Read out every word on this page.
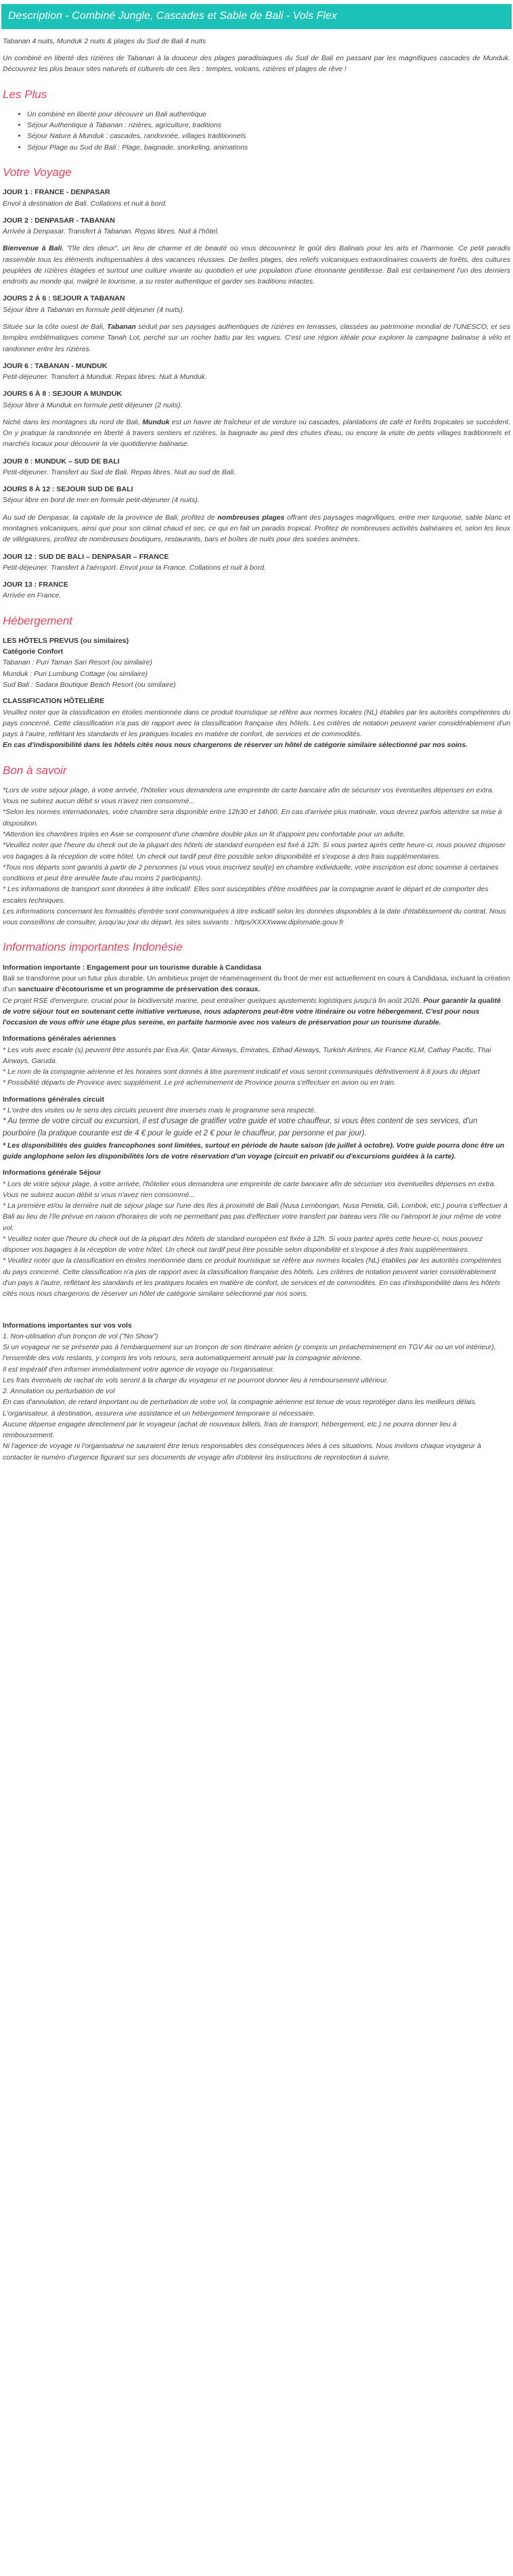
Description - Combiné Jungle, Cascades et Sable de Bali - Vols Flex

Tabanan 4 nuits, Munduk 2 nuits & plages du Sud de Bali 4 nuits

Un combiné en liberté des rizières de Tabanan à la douceur des plages paradisiaques du Sud de Bali en passant par les magnifiques cascades de Munduk. Découvrez les plus beaux sites naturels et culturels de ces îles : temples, volcans, rizières et plages de rêve !

Les Plus
• Un combiné en liberté pour découvrir un Bali authentique
• Séjour Authentique à Tabanan : rizières, agriculture, traditions
• Séjour Nature à Munduk : cascades, randonnée, villages traditionnels
• Séjour Plage au Sud de Bali : Plage, baignade, snorkeling, animations
Votre Voyage
JOUR 1 : FRANCE - DENPASAR
Envol à destination de Bali. Collations et nuit à bord.
JOUR 2 : DENPASAR - TABANAN
Arrivée à Denpasar. Transfert à Tabanan. Repas libres. Nuit à l'hôtel.

Bienvenue à Bali, "l'île des dieux", un lieu de charme et de beauté où vous découvrirez le goût des Balinais pour les arts et l'harmonie. Ce petit paradis rassemble tous les éléments indispensables à des vacances réussies. De belles plages, des reliefs volcaniques extraordinaires couverts de forêts, des cultures peuplées de rizières étagées et surtout une culture vivante au quotidien et une population d'une étonnante gentillesse. Bali est certainement l'un des derniers endroits au monde qui, malgré le tourisme, a su rester authentique et garder ses traditions intactes.

JOURS 2 À 6 : SEJOUR A TABANAN
Séjour libre à Tabanan en formule petit-déjeuner (4 nuits).

Située sur la côte ouest de Bali, Tabanan séduit par ses paysages authentiques de rizières en terrasses, classées au patrimoine mondial de l'UNESCO, et ses temples emblématiques comme Tanah Lot, perché sur un rocher battu par les vagues. C'est une région idéale pour explorer la campagne balinaise à vélo et randonner entre les rizières.

JOUR 6 : TABANAN - MUNDUK
Petit-déjeuner. Transfert à Munduk. Repas libres. Nuit à Munduk.
JOURS 6 À 8 : SEJOUR A MUNDUK
Séjour libre à Munduk en formule petit-déjeuner (2 nuits).

Niché dans les montagnes du nord de Bali, Munduk est un havre de fraîcheur et de verdure où cascades, plantations de café et forêts tropicales se succèdent. On y pratique la randonnée en liberté à travers sentiers et rizières, la baignade au pied des chutes d'eau, ou encore la visite de petits villages traditionnels et marchés locaux pour découvrir la vie quotidienne balinaise.

JOUR 8 : MUNDUK – SUD DE BALI
Petit-déjeuner. Transfert au Sud de Bali. Repas libres. Nuit au sud de Bali.
JOURS 8 À 12 : SEJOUR SUD DE BALI
Séjour libre en bord de mer en formule petit-déjeuner (4 nuits).

Au sud de Denpasar, la capitale de la province de Bali, profitez de nombreuses plages offrant des paysages magnifiques, entre mer turquoise, sable blanc et montagnes volcaniques, ainsi que pour son climat chaud et sec, ce qui en fait un paradis tropical. Profitez de nombreuses activités balnéaires et, selon les lieux de villégiatures, profitez de nombreuses boutiques, restaurants, bars et boîtes de nuits pour des soirées animées.

JOUR 12 : SUD DE BALI – DENPASAR – FRANCE
Petit-déjeuner. Transfert à l'aéroport. Envol pour la France. Collations et nuit à bord.
JOUR 13 : FRANCE
Arrivée en France.
Hébergement
LES HÔTELS PREVUS (ou similaires)
Catégorie Confort
Tabanan : Puri Taman Sari Resort (ou similaire)
Munduk : Puri Lumbung Cottage (ou similaire)
Sud Bali : Sadara Boutique Beach Resort (ou similaire)
CLASSIFICATION HÔTELIÈRE
Veuillez noter que la classification en étoiles mentionnée dans ce produit touristique se réfère aux normes locales (NL) établies par les autorités compétentes du pays concerné. Cette classification n'a pas de rapport avec la classification française des hôtels. Les critères de notation peuvent varier considérablement d'un pays à l'autre, reflétant les standards et les pratiques locales en matière de confort, de services et de commodités.
En cas d'indisponibilité dans les hôtels cités nous nous chargerons de réserver un hôtel de catégorie similaire sélectionné par nos soins.
Bon à savoir
*Lors de votre séjour plage, à votre arrivée, l'hôtelier vous demandera une empreinte de carte bancaire afin de sécuriser vos éventuelles dépenses en extra. Vous ne subirez aucun débit si vous n'avez rien consommé...
*Selon les normes internationales, votre chambre sera disponible entre 12h30 et 14h00. En cas d'arrivée plus matinale, vous devrez parfois attendre sa mise à disposition.
*Attention les chambres triples en Asie se composent d'une chambre double plus un lit d'appoint peu confortable pour un adulte.
*Veuillez noter que l'heure du check out de la plupart des hôtels de standard européen est fixé à 12h. Si vous partez après cette heure-ci, nous pouvez disposer vos bagages à la réception de votre hôtel. Un check out tardif peut être possible selon disponibilité et s'expose à des frais supplémentaires.
*Tous nos départs sont garantis à partir de 2 personnes (si vous vous inscrivez seul(e) en chambre individuelle, votre inscription est donc soumise à certaines conditions et peut être annulée faute d'au moins 2 participants).
* Les informations de transport sont données à titre indicatif. Elles sont susceptibles d'être modifiées par la compagnie avant le départ et de comporter des escales techniques.
Les informations concernant les formalités d'entrée sont communiquées à titre indicatif selon les données disponibles à la date d'établissement du contrat. Nous vous conseillons de consulter, jusqu'au jour du départ, les sites suivants : https/XXXXwww.diplomatie.gouv.fr
Informations importantes Indonésie
Information importante : Engagement pour un tourisme durable à Candidasa
Bali se transforme pour un futur plus durable. Un ambitieux projet de réaménagement du front de mer est actuellement en cours à Candidasa, incluant la création d'un sanctuaire d'écotourisme et un programme de préservation des coraux.
Ce projet RSE d'envergure, crucial pour la biodiversité marine, peut entraîner quelques ajustements logistiques jusqu'à fin août 2026. Pour garantir la qualité de votre séjour tout en soutenant cette initiative vertueuse, nous adapterons peut-être votre itinéraire ou votre hébergement. C'est pour nous l'occasion de vous offrir une étape plus sereine, en parfaite harmonie avec nos valeurs de préservation pour un tourisme durable.
Informations générales aériennes
* Les vols avec escale (s) peuvent être assurés par Eva Air, Qatar Airways, Emirates, Etihad Airways, Turkish Airlines, Air France KLM, Cathay Pacific, Thai Airways, Garuda.
* Le nom de la compagnie aérienne et les horaires sont donnés à titre purement indicatif et vous seront communiqués définitivement à 8 jours du départ
* Possibilité départs de Province avec supplément. Le pré acheminement de Province pourra s'effectuer en avion ou en train.
Informations générales circuit
* L'ordre des visites ou le sens des circuits peuvent être inversés mais le programme sera respecté.
* Au terme de votre circuit ou excursion, il est d'usage de gratifier votre guide et votre chauffeur, si vous êtes content de ses services, d'un pourboire (la pratique courante est de 4 € pour le guide et 2 € pour le chauffeur, par personne et par jour).
* Les disponibilités des guides francophones sont limitées, surtout en période de haute saison (de juillet à octobre). Votre guide pourra donc être un guide anglophone selon les disponibilités lors de votre réservation d'un voyage (circuit en privatif ou d'excursions guidées à la carte).
Informations générale Séjour
* Lors de votre séjour plage, à votre arrivée, l'hôtelier vous demandera une empreinte de carte bancaire afin de sécuriser vos éventuelles dépenses en extra. Vous ne subirez aucun débit si vous n'avez rien consommé...
* La première et/ou la dernière nuit de séjour plage sur l'une des îles à proximité de Bali (Nusa Lembongan, Nusa Penida, Gili, Lombok, etc.) pourra s'effectuer à Bali au lieu de l'île prévue en raison d'horaires de vols ne permettant pas pas d'effectuer votre transfert par bateau vers l'île ou l'aéroport le jour même de votre vol.
* Veuillez noter que l'heure du check out de la plupart des hôtels de standard européen est fixée à 12h. Si vous partez après cette heure-ci, nous pouvez disposer vos bagages à la réception de votre hôtel. Un check out tardif peut être possible selon disponibilité et s'expose à des frais supplémentaires.
* Veuillez noter que la classification en étoiles mentionnée dans ce produit touristique se réfère aux normes locales (NL) établies par les autorités compétentes du pays concerné. Cette classification n'a pas de rapport avec la classification française des hôtels. Les critères de notation peuvent varier considérablement d'un pays à l'autre, reflétant les standards et les pratiques locales en matière de confort, de services et de commodités. En cas d'indisponibilité dans les hôtels cités nous nous chargerons de réserver un hôtel de catégorie similaire sélectionné par nos soins.
Informations importantes sur vos vols
1. Non-utilisation d'un tronçon de vol ("No Show")
Si un voyageur ne se présente pas à l'embarquement sur un tronçon de son itinéraire aérien (y compris un préacheminement en TGV Air ou un vol intérieur), l'ensemble des vols restants, y compris les vols retours, sera automatiquement annulé par la compagnie aérienne.
Il est impératif d'en informer immédiatement votre agence de voyage ou l'organisateur.
Les frais éventuels de rachat de vols seront à la charge du voyageur et ne pourront donner lieu à remboursement ultérieur.
2. Annulation ou perturbation de vol
En cas d'annulation, de retard important ou de perturbation de votre vol, la compagnie aérienne est tenue de vous reprotéger dans les meilleurs délais.
L'organisateur, à destination, assurera une assistance et un hébergement temporaire si nécessaire.
Aucune dépense engagée directement par le voyageur (achat de nouveaux billets, frais de transport, hébergement, etc.) ne pourra donner lieu à remboursement.
Ni l'agence de voyage ni l'organisateur ne sauraient être tenus responsables des conséquences liées à ces situations. Nous invitons chaque voyageur à contacter le numéro d'urgence figurant sur ses documents de voyage afin d'obtenir les instructions de reprotection à suivre.
